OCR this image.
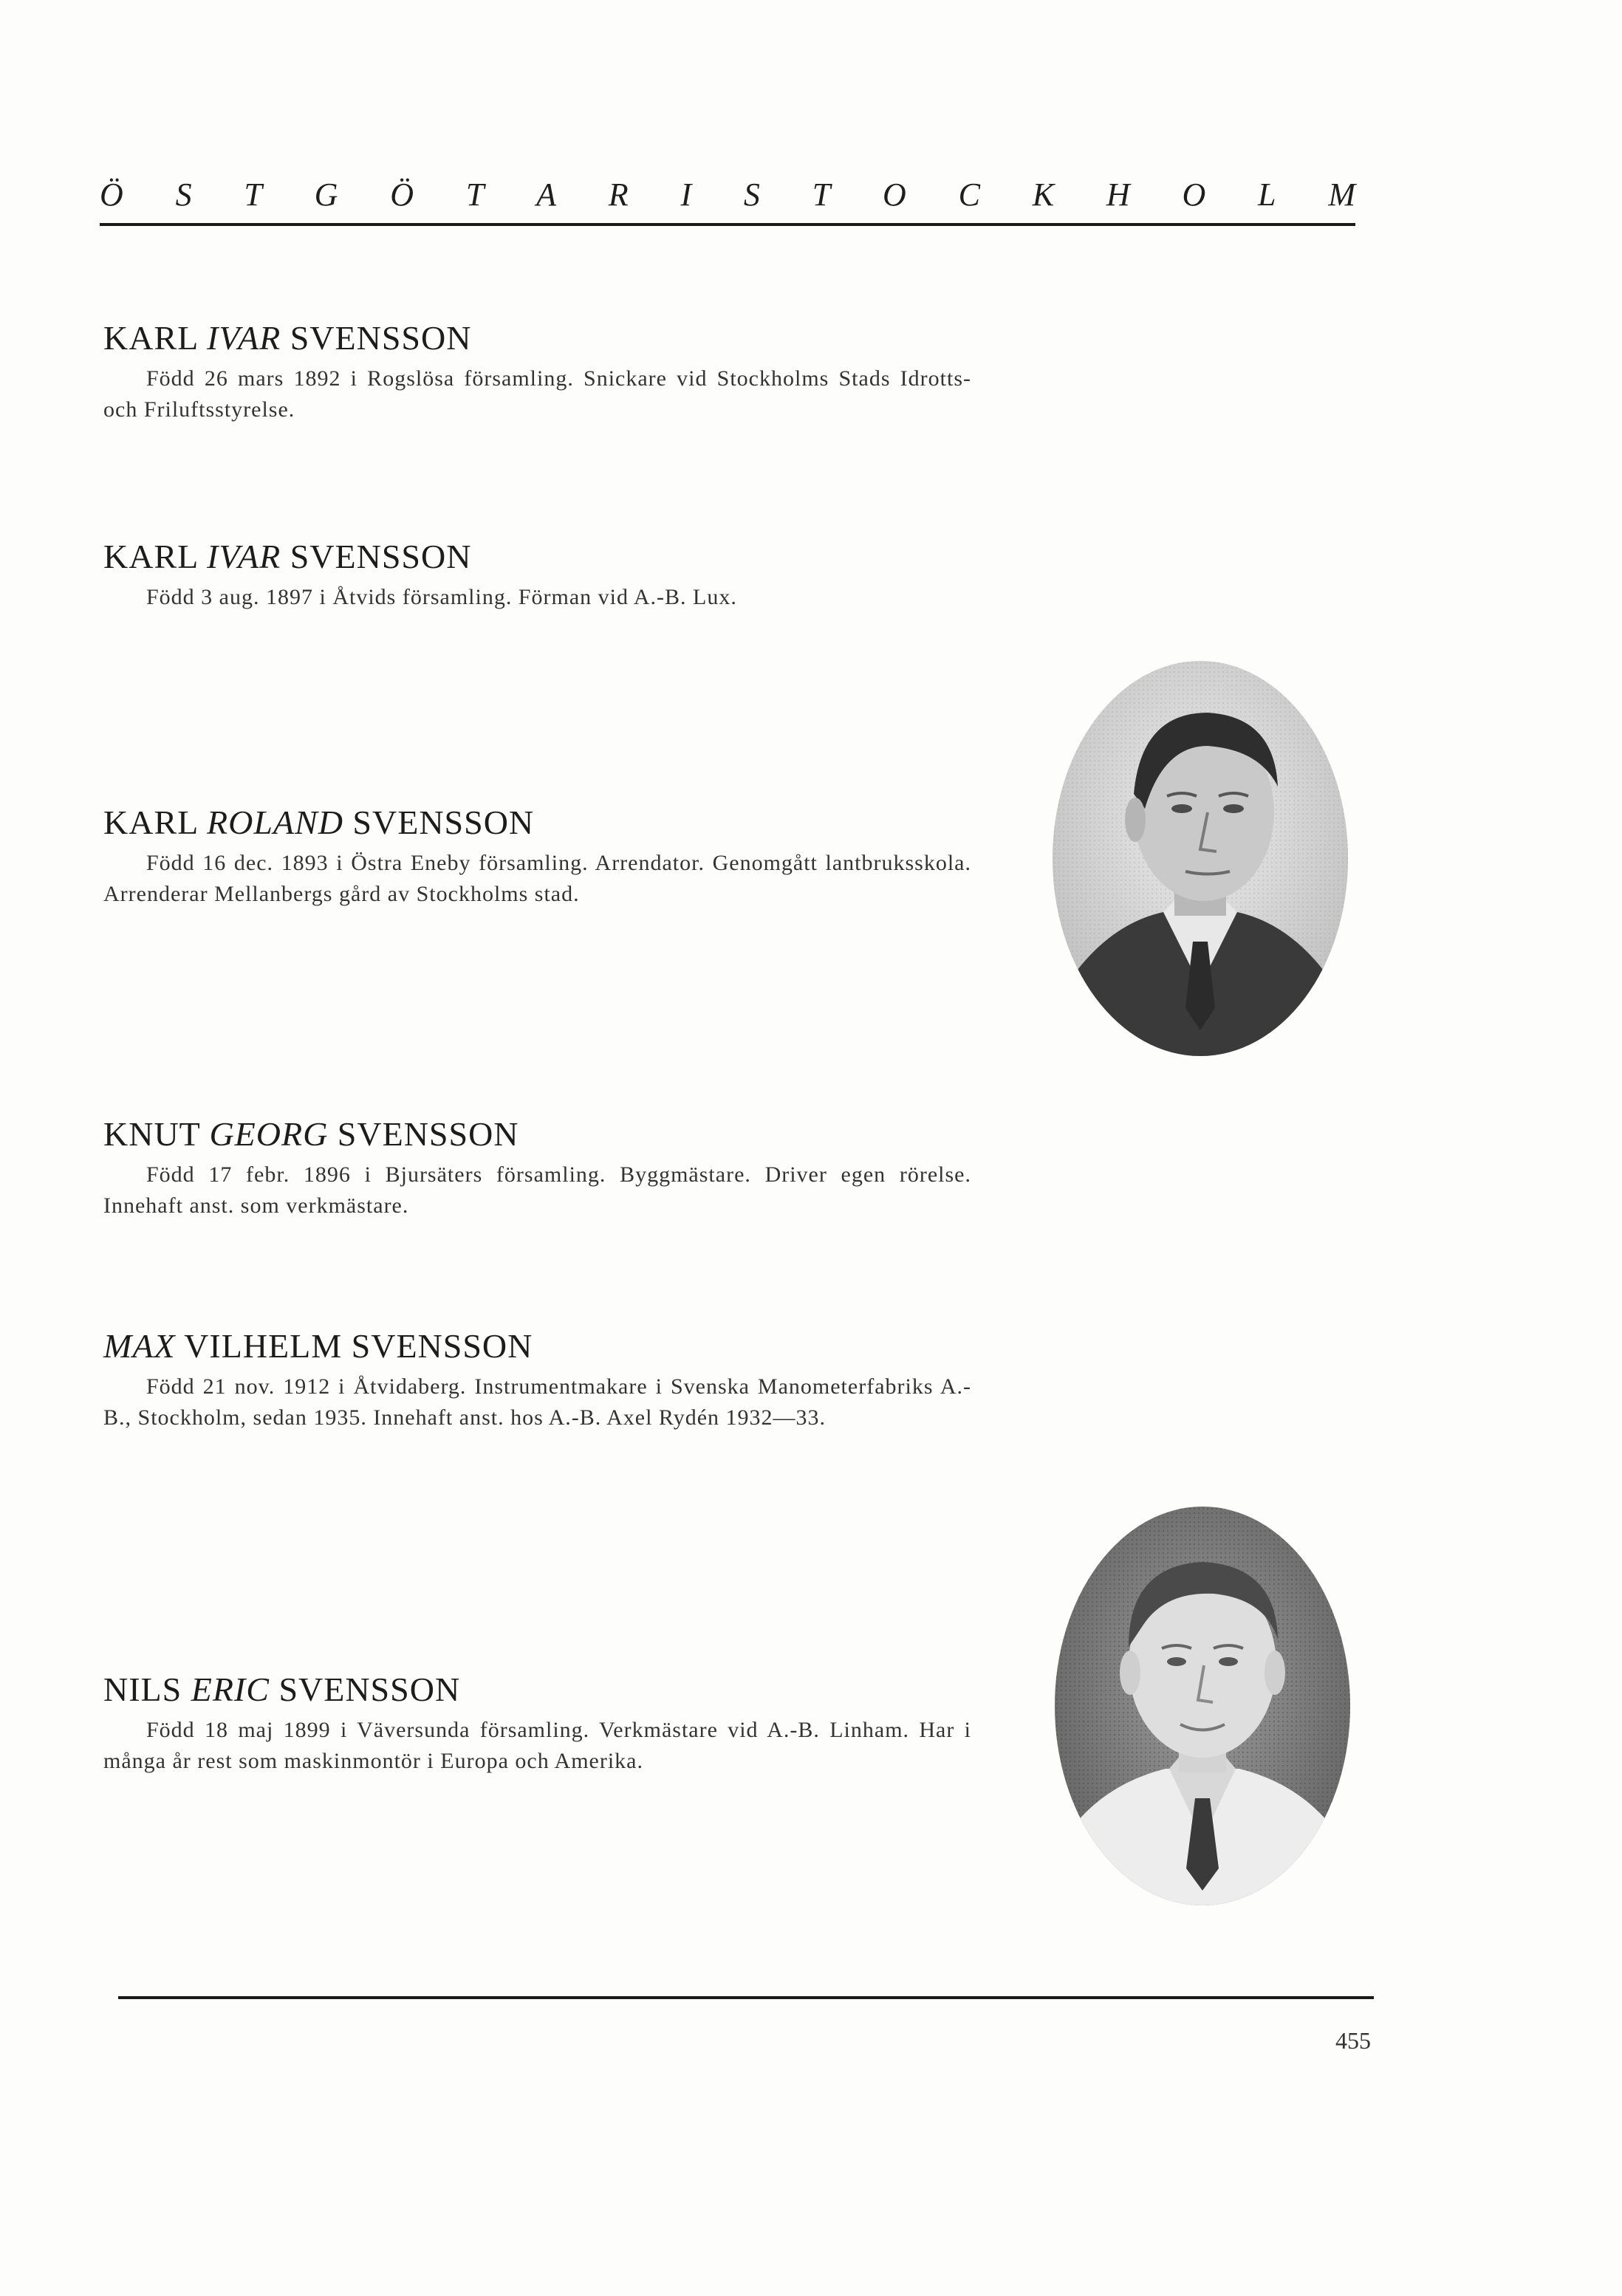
Ö S T G Ö T A R I S T O C K H O L M

KARL IVAR SVENSSON

Född 26 mars 1892 i Rogslösa församling. Snickare vid Stockholms Stads Idrotts- och Friluftsstyrelse.

KARL IVAR SVENSSON

Född 3 aug. 1897 i Åtvids församling. Förman vid A.-B. Lux.

KARL ROLAND SVENSSON

Född 16 dec. 1893 i Östra Eneby församling. Arrendator. Genomgått lantbruksskola. Arrenderar Mellanbergs gård av Stockholms stad.

KNUT GEORG SVENSSON

Född 17 febr. 1896 i Bjursäters församling. Byggmästare. Driver egen rörelse. Innehaft anst. som verkmästare.

MAX VILHELM SVENSSON

Född 21 nov. 1912 i Åtvidaberg. Instrumentmakare i Svenska Manometerfabriks A.-B., Stockholm, sedan 1935. Innehaft anst. hos A.-B. Axel Rydén 1932—33.

NILS ERIC SVENSSON

Född 18 maj 1899 i Väversunda församling. Verkmästare vid A.-B. Linham. Har i många år rest som maskinmontör i Europa och Amerika.

455
